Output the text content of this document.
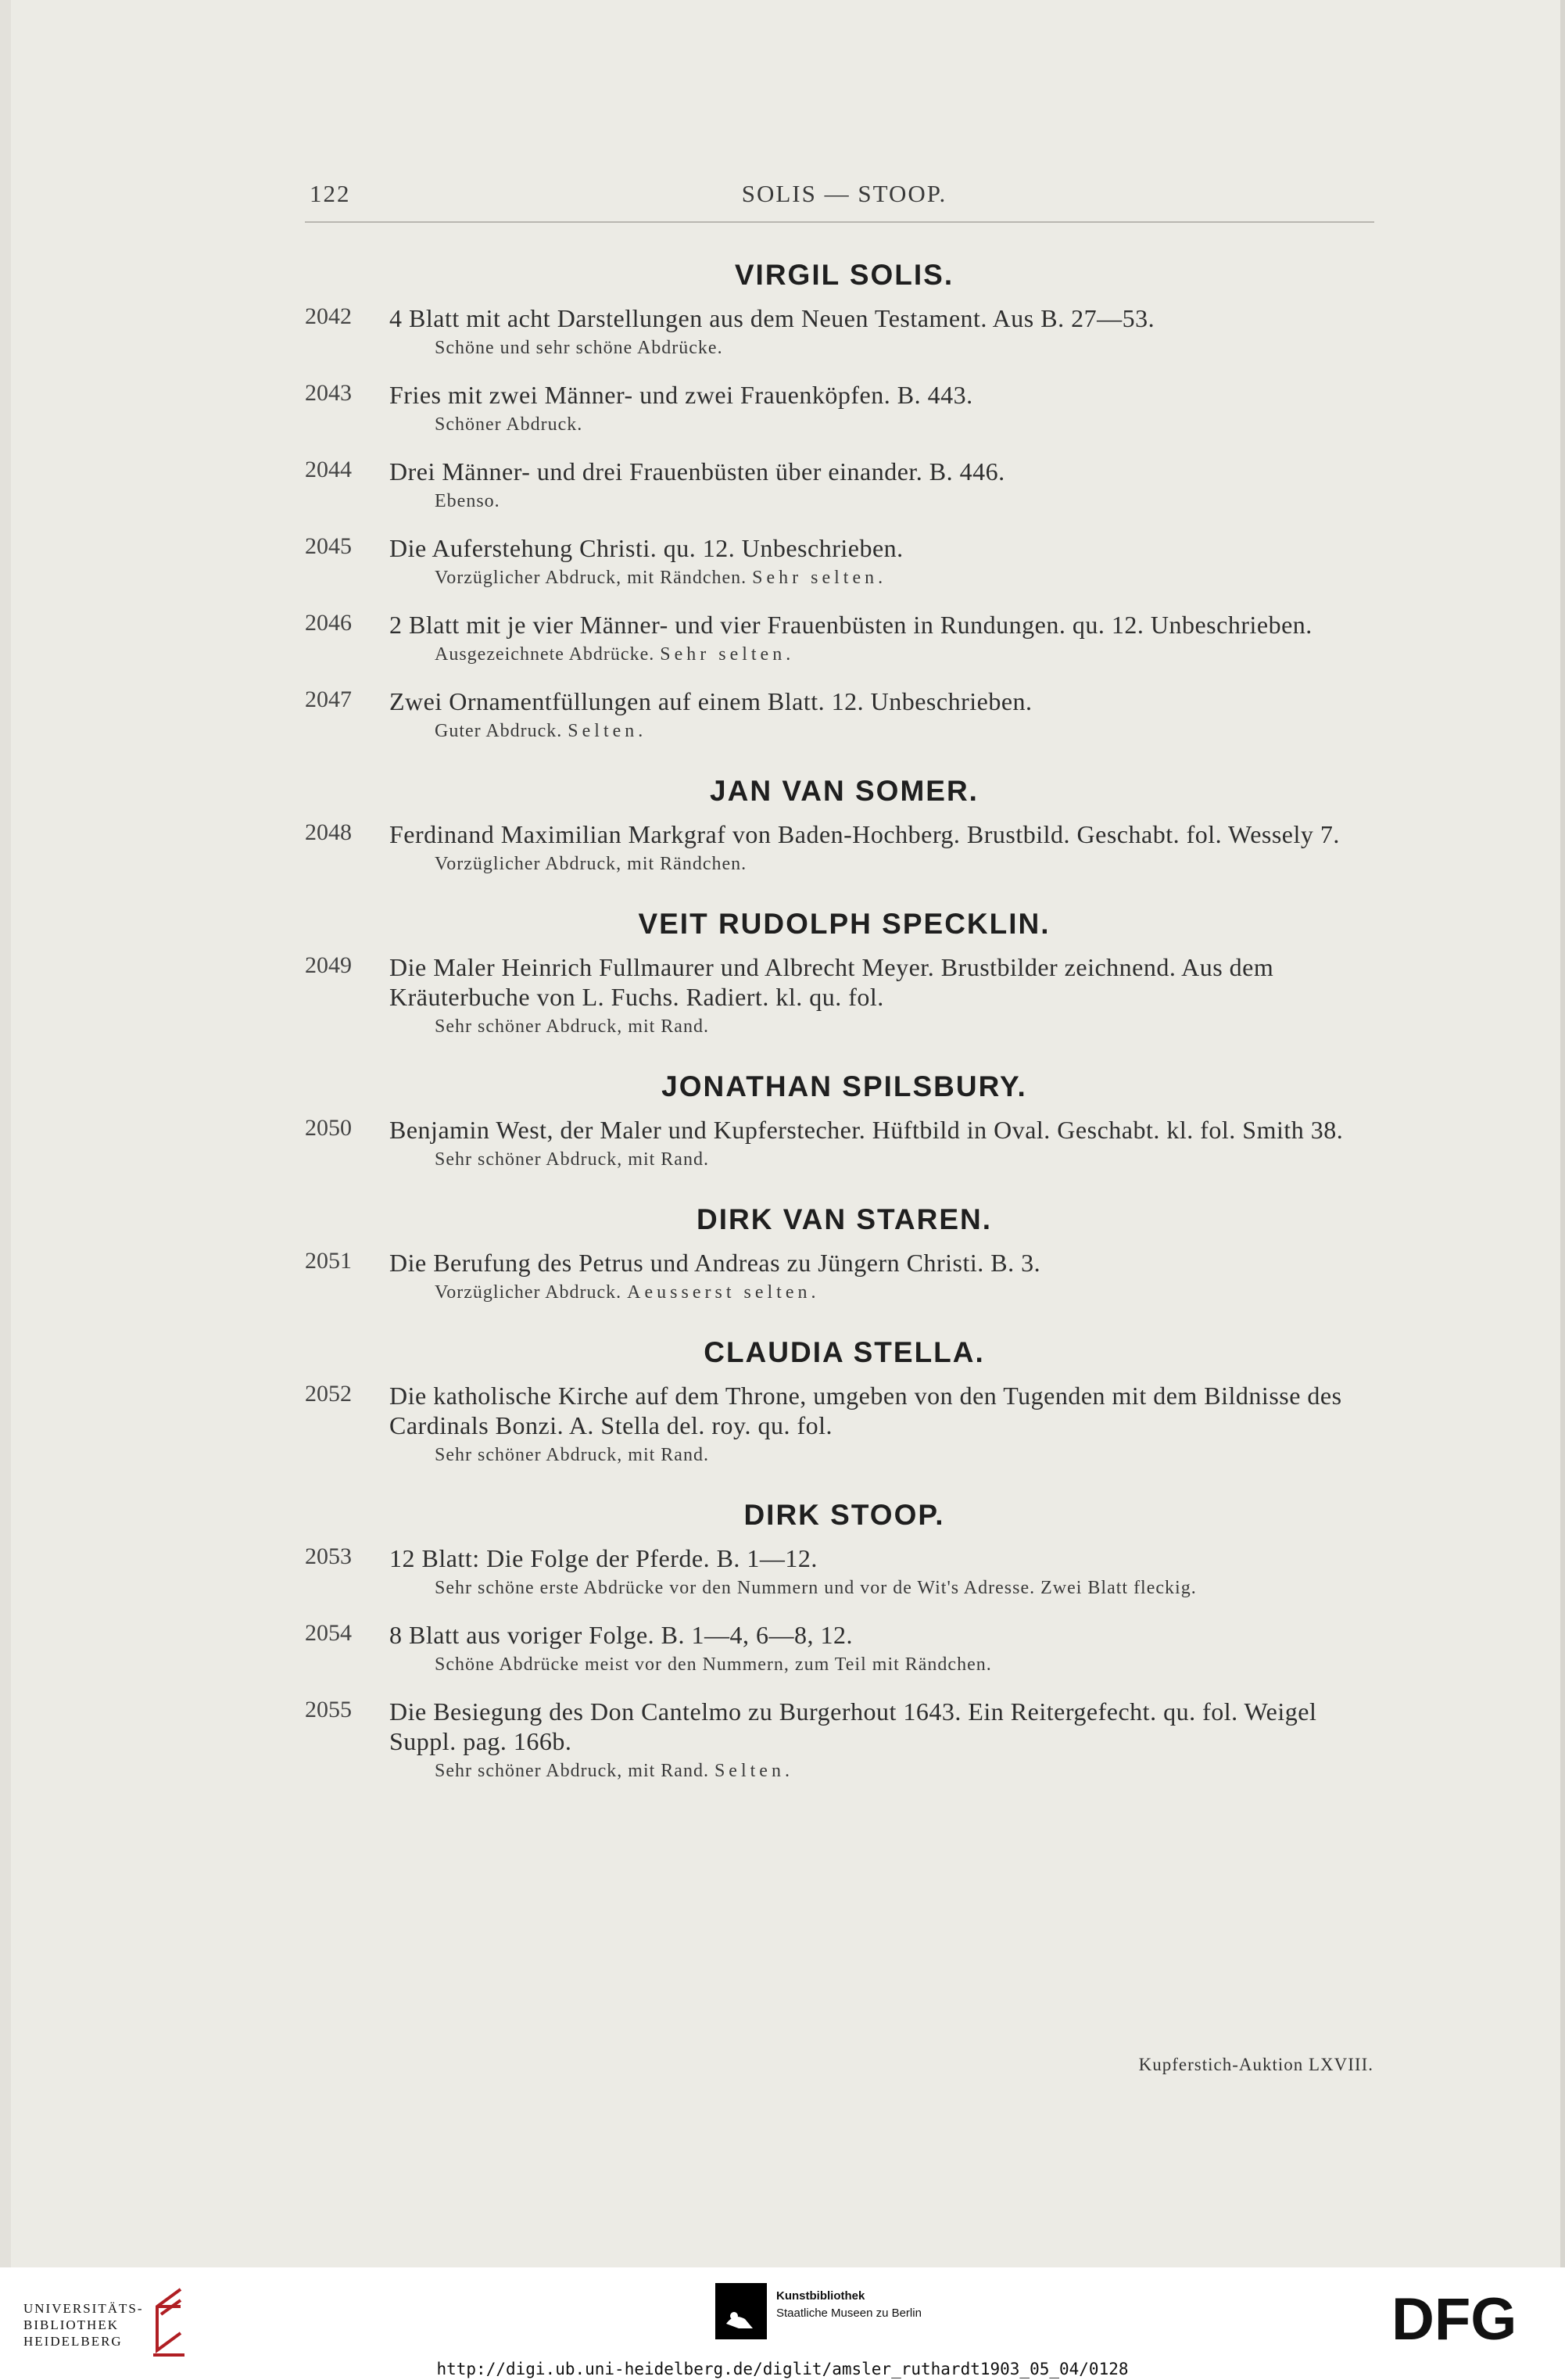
122	SOLIS — STOOP.
VIRGIL SOLIS.
2042 4 Blatt mit acht Darstellungen aus dem Neuen Testament. Aus B. 27—53.
Schöne und sehr schöne Abdrücke.
2043 Fries mit zwei Männer- und zwei Frauenköpfen. B. 443.
Schöner Abdruck.
2044 Drei Männer- und drei Frauenbüsten über einander. B. 446.
Ebenso.
2045 Die Auferstehung Christi. qu. 12. Unbeschrieben.
Vorzüglicher Abdruck, mit Rändchen. Sehr selten.
2046 2 Blatt mit je vier Männer- und vier Frauenbüsten in Rundungen. qu. 12. Unbeschrieben.
Ausgezeichnete Abdrücke. Sehr selten.
2047 Zwei Ornamentfüllungen auf einem Blatt. 12. Unbeschrieben.
Guter Abdruck. Selten.
JAN VAN SOMER.
2048 Ferdinand Maximilian Markgraf von Baden-Hochberg. Brustbild. Geschabt. fol. Wessely 7.
Vorzüglicher Abdruck, mit Rändchen.
VEIT RUDOLPH SPECKLIN.
2049 Die Maler Heinrich Fullmaurer und Albrecht Meyer. Brustbilder zeichnend. Aus dem Kräuterbuche von L. Fuchs. Radiert. kl. qu. fol.
Sehr schöner Abdruck, mit Rand.
JONATHAN SPILSBURY.
2050 Benjamin West, der Maler und Kupferstecher. Hüftbild in Oval. Geschabt. kl. fol. Smith 38.
Sehr schöner Abdruck, mit Rand.
DIRK VAN STAREN.
2051 Die Berufung des Petrus und Andreas zu Jüngern Christi. B. 3.
Vorzüglicher Abdruck. Aeusserst selten.
CLAUDIA STELLA.
2052 Die katholische Kirche auf dem Throne, umgeben von den Tugenden mit dem Bildnisse des Cardinals Bonzi. A. Stella del. roy. qu. fol.
Sehr schöner Abdruck, mit Rand.
DIRK STOOP.
2053 12 Blatt: Die Folge der Pferde. B. 1—12.
Sehr schöne erste Abdrücke vor den Nummern und vor de Wit's Adresse. Zwei Blatt fleckig.
2054 8 Blatt aus voriger Folge. B. 1—4, 6—8, 12.
Schöne Abdrücke meist vor den Nummern, zum Teil mit Rändchen.
2055 Die Besiegung des Don Cantelmo zu Burgerhout 1643. Ein Reitergefecht. qu. fol. Weigel Suppl. pag. 166b.
Sehr schöner Abdruck, mit Rand. Selten.
Kupferstich-Auktion LXVIII.
UNIVERSITÄTS-
BIBLIOTHEK
HEIDELBERG
Kunstbibliothek
Staatliche Museen zu Berlin	DFG
http://digi.ub.uni-heidelberg.de/diglit/amsler_ruthardt1903_05_04/0128
